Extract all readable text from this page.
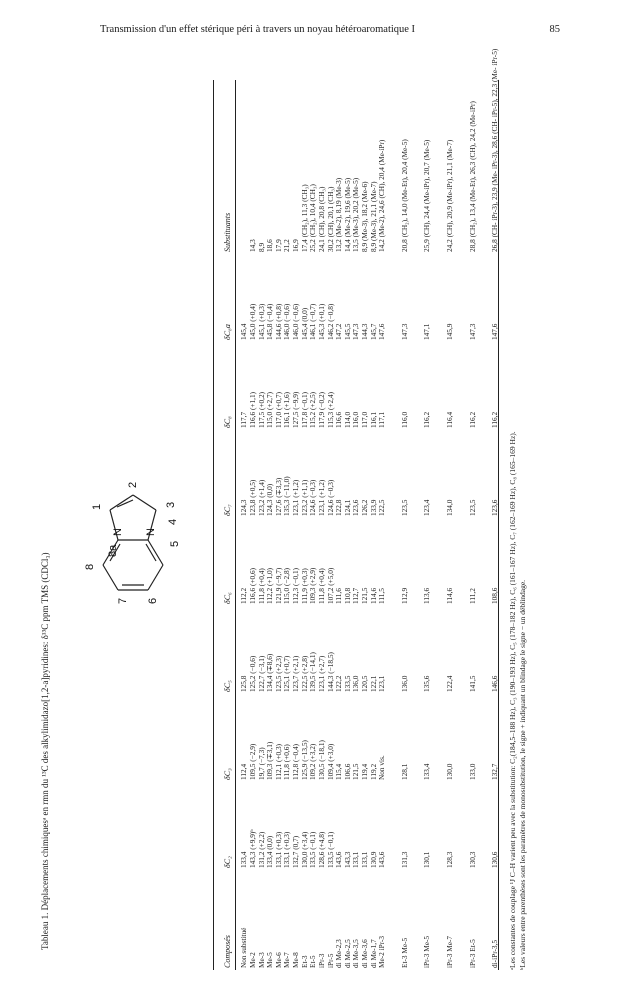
Transmission d'un effet stérique péri à travers un noyau hétéroaromatique I	85
Tableau 1. Déplacements chimiquesᵃ en rmn du ¹³C des alkylimidazo[1,2-a]pyridines: δ¹³C ppm TMS (CDCl₃)	8
8a
N
1
2
7 6
N
5
4
3
Composés	δC₂	δC₃	δC₅	δC₆	δC₇	δC₈	δC₈a	Substituants
Non substitué	133,4	112,4	125,8	112,2	124,3	117,7	145,4	
Me-2	143,3 (+9,9)ᵇ	109,5 (−2,9)	125,2 (−0,6)	116,6 (+0,6)	123,8 (+0,5)	116,6 (+1,1)	145,0 (+0,4)	14,3
Me-3	131,2 (+2,2)	19,7 (−7,3)	122,7 (−3,1)	111,8 (+0,4)	123,2 (+1,4)	117,5 (+0,2)	145,1 (+0,3)	8,9
Me-5	133,4 (0,0)	109,3 (∓3,1)	134,4 (∓8,6)	112,2 (+1,0)	124,3 (0,0)	115,0 (+2,7)	145,8 (−0,4)	18,6
Me-6	133,1 (+0,3)	112,1 (+0,3)	123,5 (+2,3)	121,9 (−9,7)	127,6 (∓3,3)	117,0 (+0,7)	144,6 (+0,8)	17,9
Me-7	133,1 (+0,3)	111,8 (+0,6)	125,1 (+0,7)	115,0 (−2,8)	135,3 (−11,0)	116,1 (+1,6)	146,0 (−0,6)	21,2
Me-8	132,7 (0,7)	112,8 (−0,4)	123,7 (+2,1)	112,3 (−0,1)	123,1 (+1,2)	127,5 (−9,9)	146,0 (−0,6)	16,9
Et-3	130,0 (+3,4)	125,9 (−13,5)	122,5 (+2,8)	111,9 (+0,3)	123,2 (+1,1)	117,8 (−0,1)	145,4 (0,0)	17,4 (CH₂), 11,3 (CH₃)
Et-5	133,5 (−0,1)	109,2 (+3,2)	139,5 (−14,1)	109,3 (+2,9)	124,6 (−0,3)	115,2 (+2,5)	146,1 (−0,7)	25,2 (CH₂), 10,4 (CH₃)
iPr-3	128,6 (+4,8)	130,5 (−18,1)	123,1 (+2,7)	111,8 (+0,4)	123,1 (+1,2)	117,9 (−0,2)	145,3 (+0,1)	24,1 (CH), 20,8 (CH₃)
iPr-5	133,5 (−0,1)	109,4 (+3,0)	144,3 (−18,5)	107,2 (+5,0)	124,6 (−0,3)	115,3 (+2,4)	146,2 (−0,8)	30,2 (CH), 20,1 (CH₃)
di Me-2,3	143,6	115,4	122,2	111,6	122,8	116,6	147,2	13,2 (Me-2), 8,19 (Me-3)
di Me-2,5	143,3	106,6	133,5	110,8	124,1	114,0	145,5	14,4 (Me-2), 19,6 (Me-5)
di Me-3,5	133,1	121,5	136,0	112,7	123,6	116,0	147,3	13,5 (Me-3), 20,2 (Me-5)
di Me-3,6	133,1	119,4	120,5	121,5	126,2	117,0	144,3	8,9 (Me-3), 18,2 (Me-6)
di Me-1,7	130,9	119,2	122,1	114,6	133,9	116,1	145,7	8,9 (Me-3), 21,1 (Me-7)
Me-2 iPr-3	143,6	Non vis.	123,1	111,5	122,5	117,1	147,6	14,2 (Me-2), 24,6 (CH), 20,4 (Me-iPr)
Et-3 Me-5	131,3	128,1	136,0	112,9	123,5	116,0	147,3	20,8 (CH₂), 14,0 (Me-Et), 20,4 (Me-5)
iPr-3 Me-5	130,1	133,4	135,6	113,6	123,4	116,2	147,1	25,9 (CH), 24,4 (Me-iPr), 20,7 (Me-5)
iPr-3 Me-7	128,3	130,0	122,4	114,6	134,0	116,4	145,9	24,2 (CH), 20,9 (Me-iPr), 21,1 (Me-7)
iPr-3 Et-5	130,3	133,0	141,5	111,2	123,5	116,2	147,3	28,8 (CH₂), 13,4 (Me-Et), 26,3 (CH), 24,2 (Me-iPr)
di-iPr-3,5	130,6	132,7	146,6	108,6	123,6	116,2	147,6	26,8 (CH- iPr-3), 23,9 (Me- iPr-3), 28,6 (CH- iPr-5), 22,3 (Me- iPr-5)
ᵃLes constantes de couplage ¹J C–H varient peu avec la substitution: C₂(184,5–188 Hz), C₃ (190–193 Hz), C₅ (178–182 Hz), C₆ (161–167 Hz), C₇ (162–169 Hz), C₈ (165–169 Hz). ᵇLes valeurs entre parenthèses sont les paramètres de monosubstitution, le signe + indiquant un blindage le signe − un déblindage.
